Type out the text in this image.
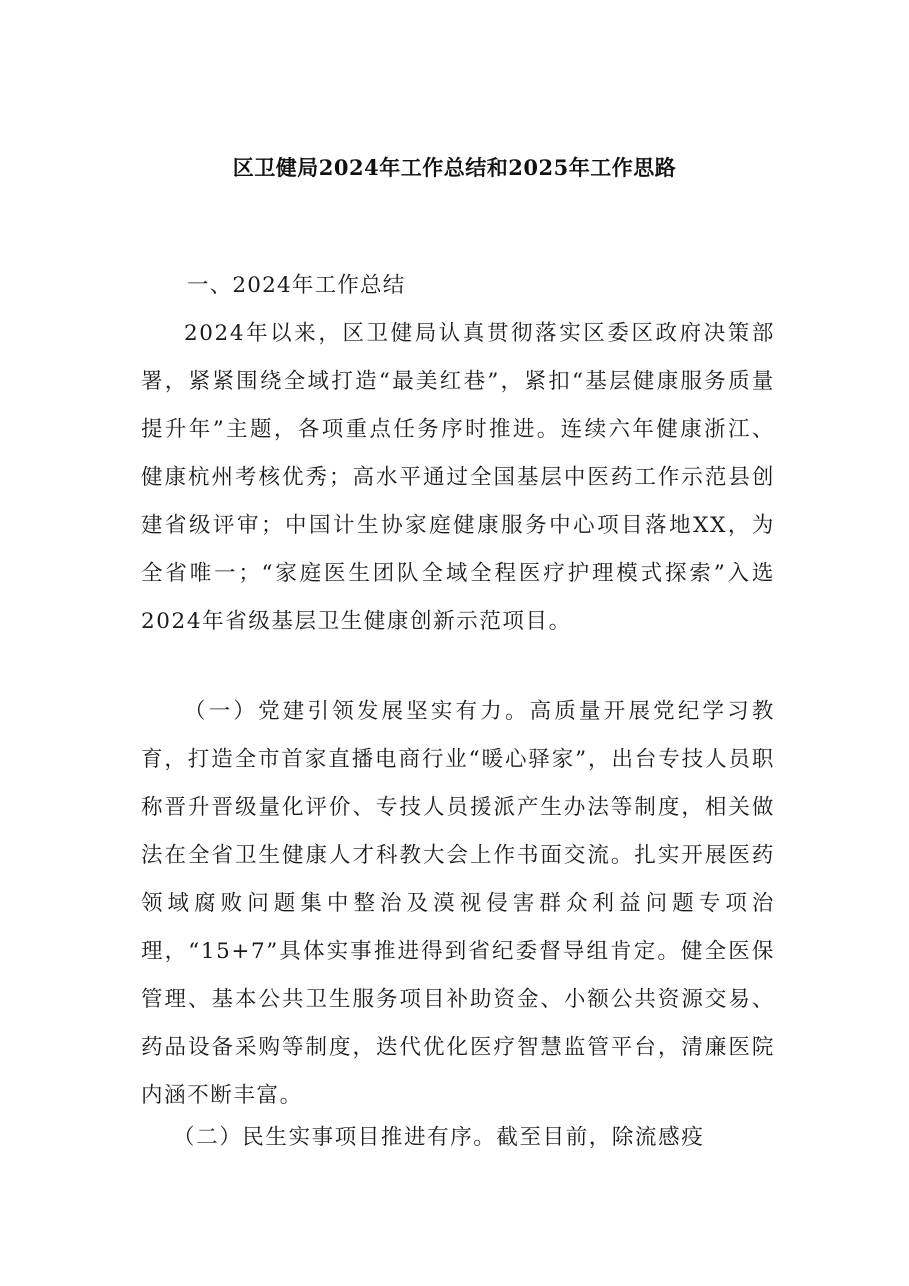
区卫健局2024年工作总结和2025年工作思路

一、2024年工作总结

2024年以来，区卫健局认真贯彻落实区委区政府决策部署，紧紧围绕全域打造“最美红巷”，紧扣“基层健康服务质量提升年”主题，各项重点任务序时推进。连续六年健康浙江、健康杭州考核优秀；高水平通过全国基层中医药工作示范县创建省级评审；中国计生协家庭健康服务中心项目落地XX，为全省唯一；“家庭医生团队全域全程医疗护理模式探索”入选2024年省级基层卫生健康创新示范项目。

（一）党建引领发展坚实有力。高质量开展党纪学习教育，打造全市首家直播电商行业“暖心驿家”，出台专技人员职称晋升晋级量化评价、专技人员援派产生办法等制度，相关做法在全省卫生健康人才科教大会上作书面交流。扎实开展医药领域腐败问题集中整治及漠视侵害群众利益问题专项治理，“15+7”具体实事推进得到省纪委督导组肯定。健全医保管理、基本公共卫生服务项目补助资金、小额公共资源交易、药品设备采购等制度，迭代优化医疗智慧监管平台，清廉医院内涵不断丰富。

（二）民生实事项目推进有序。截至目前，除流感疫
